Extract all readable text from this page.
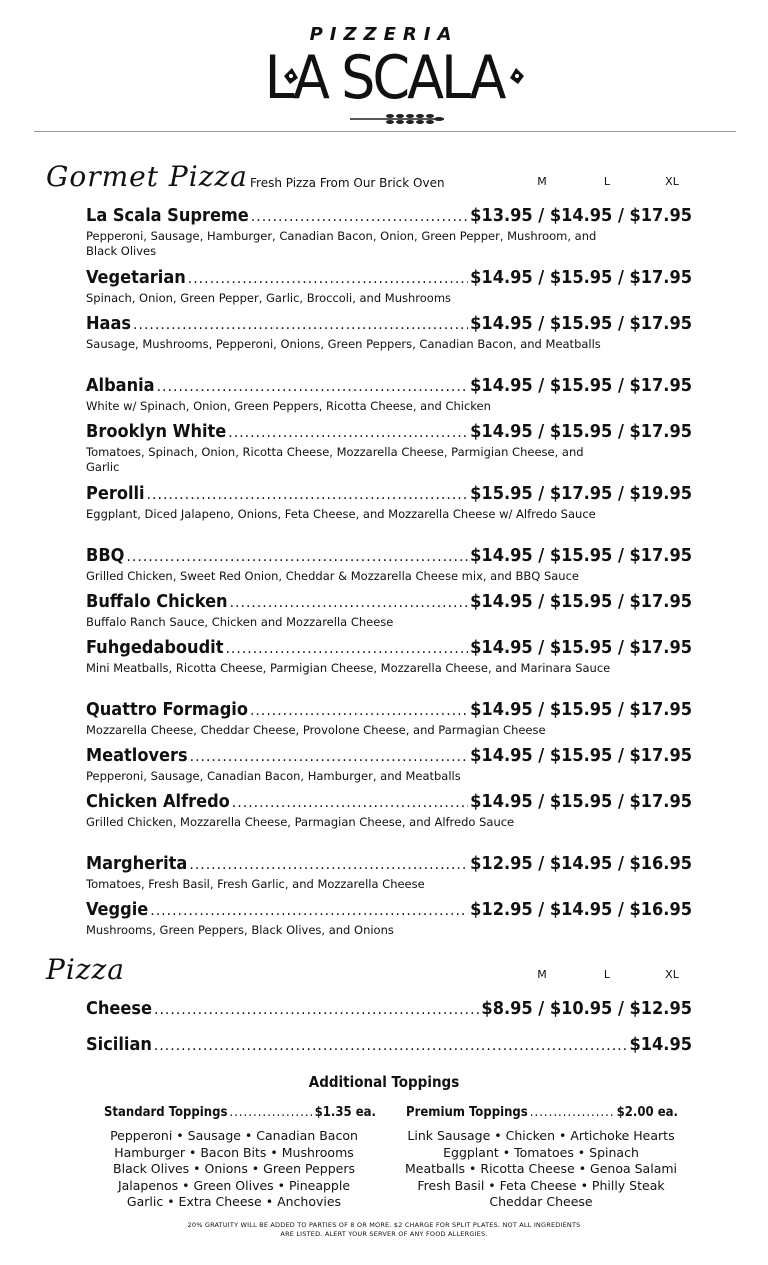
PIZZERIA
LA SCALA
Gormet Pizza Fresh Pizza From Our Brick Oven	M	L	XL
La Scala Supreme .....	$13.95 / $14.95 / $17.95
Pepperoni, Sausage, Hamburger, Canadian Bacon, Onion, Green Pepper, Mushroom, and Black Olives
Vegetarian .....	$14.95 / $15.95 / $17.95
Spinach, Onion, Green Pepper, Garlic, Broccoli, and Mushrooms
Haas .....	$14.95 / $15.95 / $17.95
Sausage, Mushrooms, Pepperoni, Onions, Green Peppers, Canadian Bacon, and Meatballs
Albania .....	$14.95 / $15.95 / $17.95
White w/ Spinach, Onion, Green Peppers, Ricotta Cheese, and Chicken
Brooklyn White .....	$14.95 / $15.95 / $17.95
Tomatoes, Spinach, Onion, Ricotta Cheese, Mozzarella Cheese, Parmigian Cheese, and Garlic
Perolli .....	$15.95 / $17.95 / $19.95
Eggplant, Diced Jalapeno, Onions, Feta Cheese, and Mozzarella Cheese w/ Alfredo Sauce
BBQ .....	$14.95 / $15.95 / $17.95
Grilled Chicken, Sweet Red Onion, Cheddar & Mozzarella Cheese mix, and BBQ Sauce
Buffalo Chicken .....	$14.95 / $15.95 / $17.95
Buffalo Ranch Sauce, Chicken and Mozzarella Cheese
Fuhgedaboudit .....	$14.95 / $15.95 / $17.95
Mini Meatballs, Ricotta Cheese, Parmigian Cheese, Mozzarella Cheese, and Marinara Sauce
Quattro Formagio .....	$14.95 / $15.95 / $17.95
Mozzarella Cheese, Cheddar Cheese, Provolone Cheese, and Parmagian Cheese
Meatlovers .....	$14.95 / $15.95 / $17.95
Pepperoni, Sausage, Canadian Bacon, Hamburger, and Meatballs
Chicken Alfredo .....	$14.95 / $15.95 / $17.95
Grilled Chicken, Mozzarella Cheese, Parmagian Cheese, and Alfredo Sauce
Margherita .....	$12.95 / $14.95 / $16.95
Tomatoes, Fresh Basil, Fresh Garlic, and Mozzarella Cheese
Veggie .....	$12.95 / $14.95 / $16.95
Mushrooms, Green Peppers, Black Olives, and Onions
Pizza	M	L	XL
Cheese .....	$8.95 / $10.95 / $12.95
Sicilian .....	$14.95
Additional Toppings
Standard Toppings .....	$1.35 ea. Premium Toppings .....	$2.00 ea.
Pepperoni • Sausage • Canadian Bacon
Hamburger • Bacon Bits • Mushrooms
Black Olives • Onions • Green Peppers
Jalapenos • Green Olives • Pineapple
Garlic • Extra Cheese • Anchovies
Link Sausage • Chicken • Artichoke Hearts
Eggplant • Tomatoes • Spinach
Meatballs • Ricotta Cheese • Genoa Salami
Fresh Basil • Feta Cheese • Philly Steak
Cheddar Cheese
20% GRATUITY WILL BE ADDED TO PARTIES OF 8 OR MORE. $2 CHARGE FOR SPLIT PLATES. NOT ALL INGREDIENTS ARE LISTED. ALERT YOUR SERVER OF ANY FOOD ALLERGIES.
